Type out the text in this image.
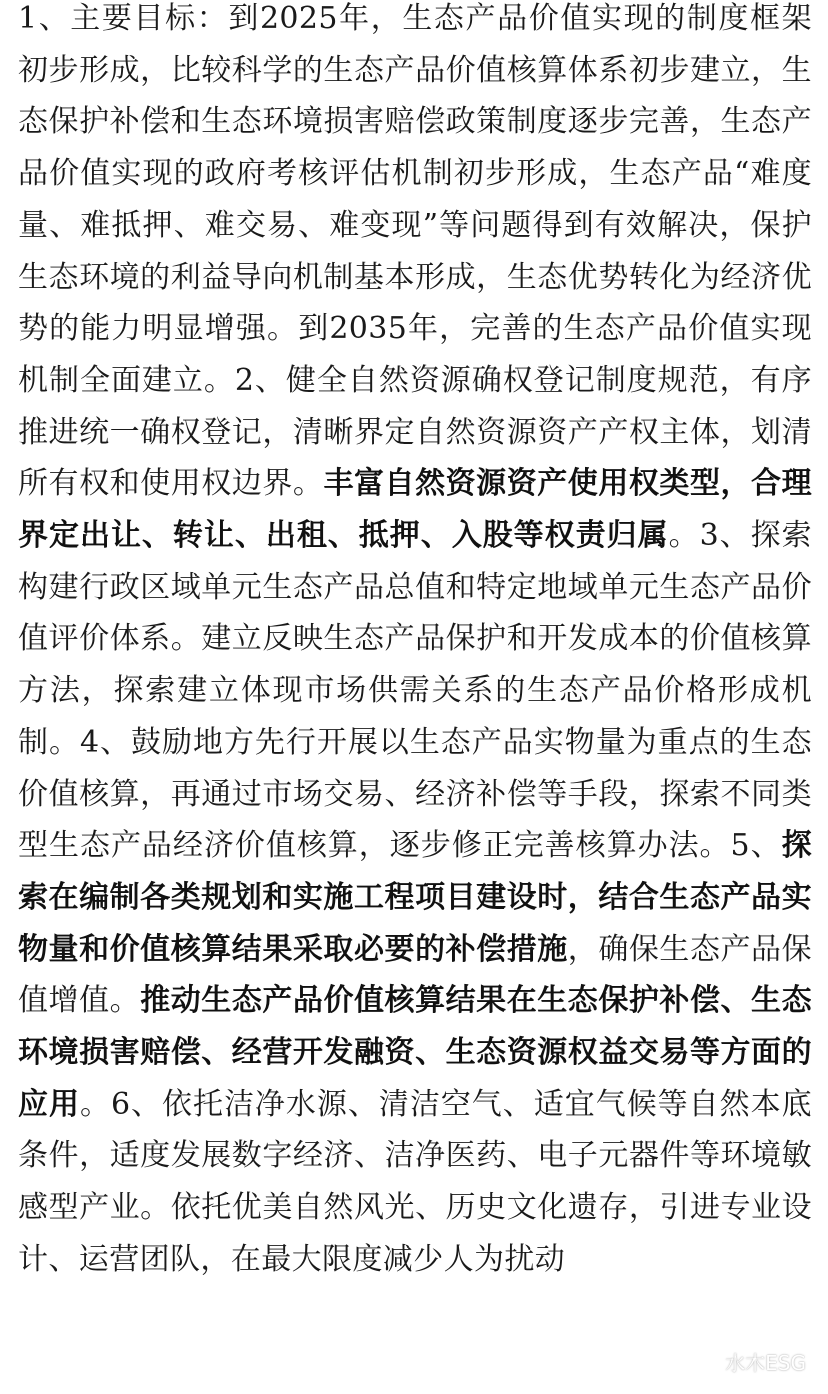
1、主要目标：到2025年，生态产品价值实现的制度框架初步形成，比较科学的生态产品价值核算体系初步建立，生态保护补偿和生态环境损害赔偿政策制度逐步完善，生态产品价值实现的政府考核评估机制初步形成，生态产品“难度量、难抵押、难交易、难变现”等问题得到有效解决，保护生态环境的利益导向机制基本形成，生态优势转化为经济优势的能力明显增强。到2035年，完善的生态产品价值实现机制全面建立。2、健全自然资源确权登记制度规范，有序推进统一确权登记，清晰界定自然资源资产产权主体，划清所有权和使用权边界。丰富自然资源资产使用权类型，合理界定出让、转让、出租、抵押、入股等权责归属。3、探索构建行政区域单元生态产品总值和特定地域单元生态产品价值评价体系。建立反映生态产品保护和开发成本的价值核算方法，探索建立体现市场供需关系的生态产品价格形成机制。4、鼓励地方先行开展以生态产品实物量为重点的生态价值核算，再通过市场交易、经济补偿等手段，探索不同类型生态产品经济价值核算，逐步修正完善核算办法。5、探索在编制各类规划和实施工程项目建设时，结合生态产品实物量和价值核算结果采取必要的补偿措施，确保生态产品保值增值。推动生态产品价值核算结果在生态保护补偿、生态环境损害赔偿、经营开发融资、生态资源权益交易等方面的应用。6、依托洁净水源、清洁空气、适宜气候等自然本底条件，适度发展数字经济、洁净医药、电子元器件等环境敏感型产业。依托优美自然风光、历史文化遗存，引进专业设计、运营团队，在最大限度减少人为扰动

水木ESG
